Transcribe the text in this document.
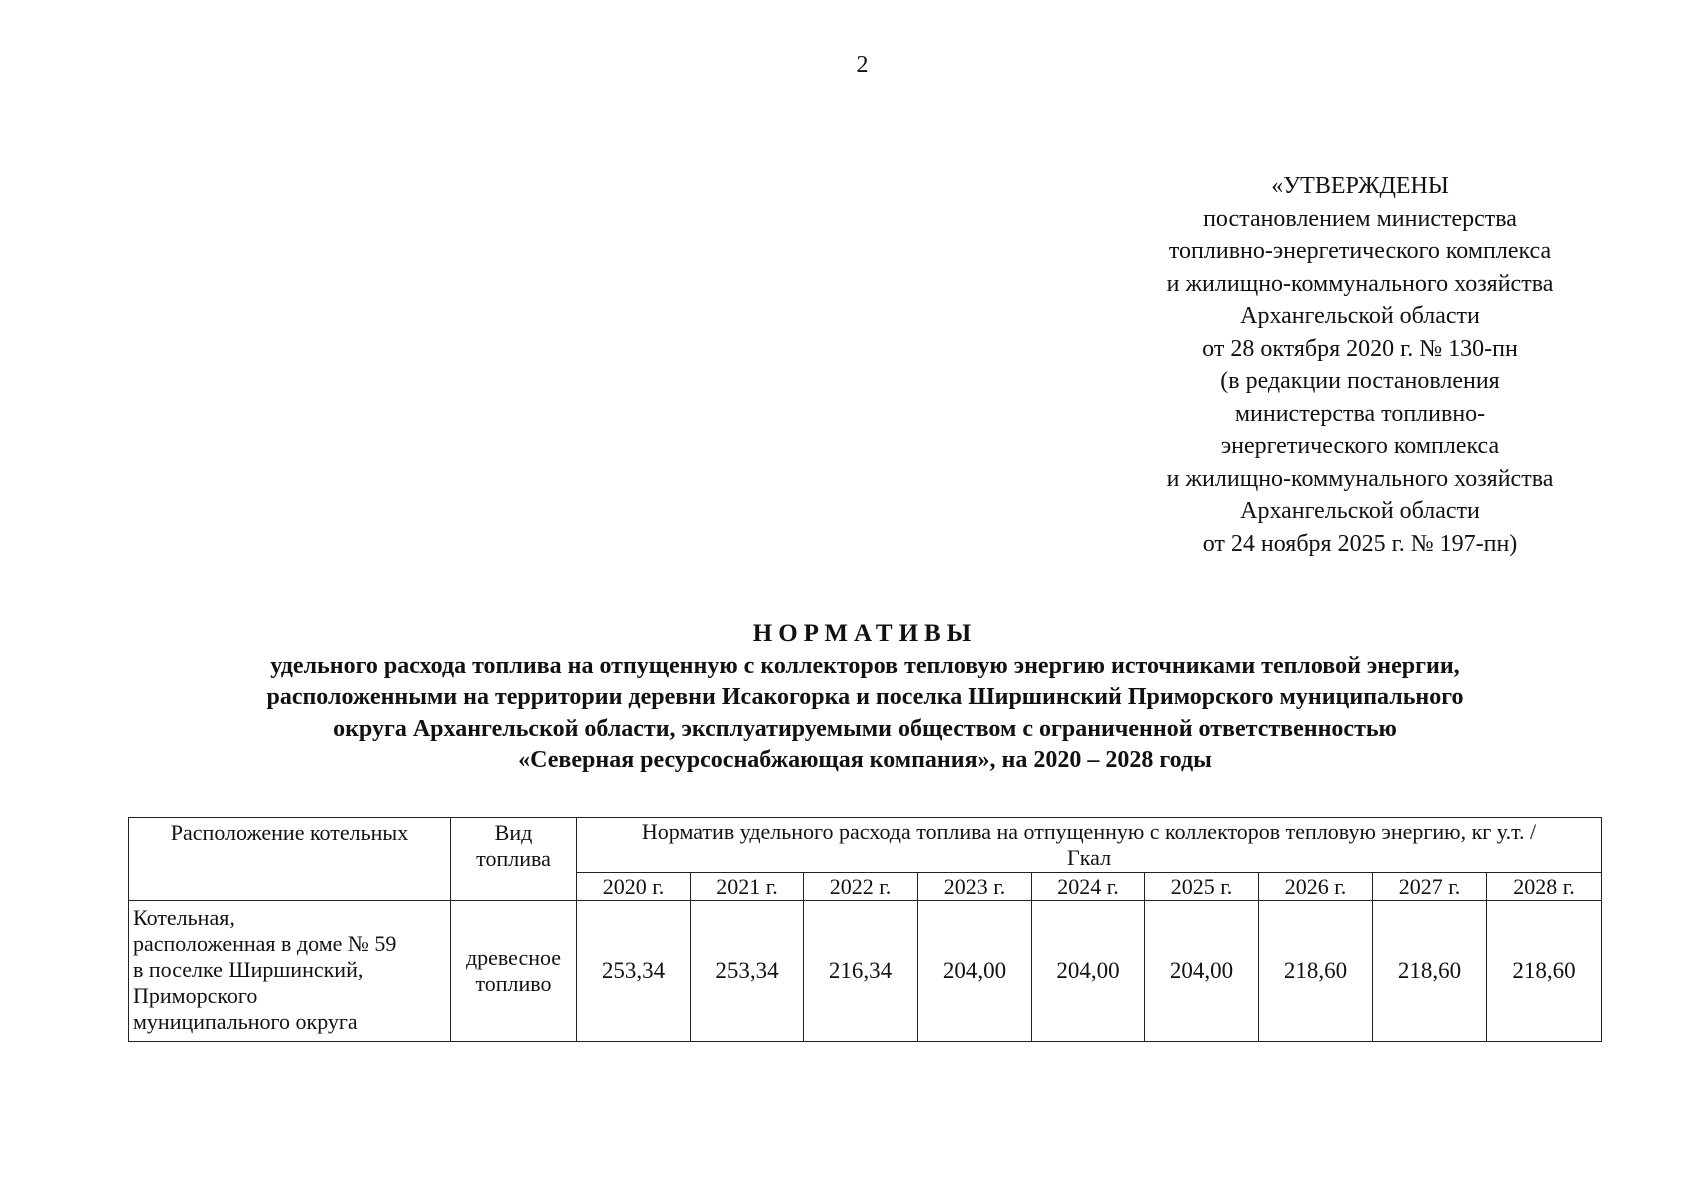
2
«УТВЕРЖДЕНЫ
постановлением министерства
топливно-энергетического комплекса
и жилищно-коммунального хозяйства
Архангельской области
от 28 октября 2020 г. № 130-пн
(в редакции постановления
министерства топливно-
энергетического комплекса
и жилищно-коммунального хозяйства
Архангельской области
от 24 ноября 2025 г. № 197-пн)
НОРМАТИВЫ
удельного расхода топлива на отпущенную с коллекторов тепловую энергию источниками тепловой энергии,
расположенными на территории деревни Исакогорка и поселка Ширшинский Приморского муниципального
округа Архангельской области, эксплуатируемыми обществом с ограниченной ответственностью
«Северная ресурсоснабжающая компания», на 2020 – 2028 годы
Расположение котельных	Вид топлива	Норматив удельного расхода топлива на отпущенную с коллекторов тепловую энергию, кг у.т. /Гкал								
		2020 г.	2021 г.	2022 г.	2023 г.	2024 г.	2025 г.	2026 г.	2027 г.	2028 г.

Котельная,
расположенная в доме № 59
в поселке Ширшинский,
Приморского
муниципального округа	древесное топливо	253,34	253,34	216,34	204,00	204,00	204,00	218,60	218,60	218,60
